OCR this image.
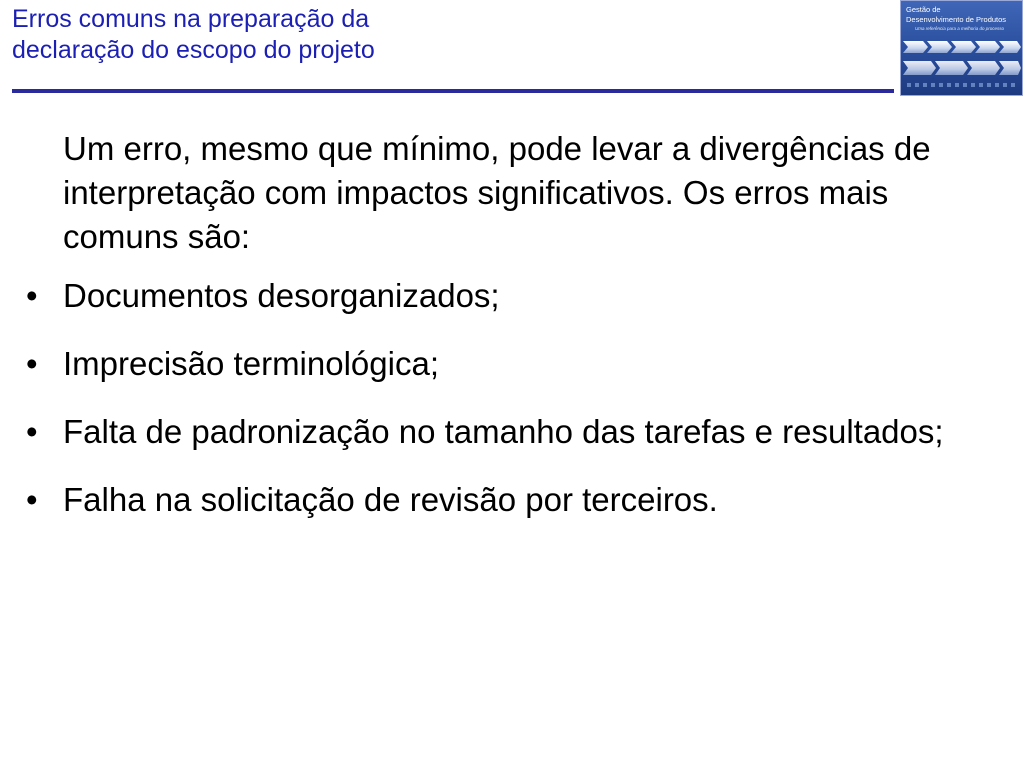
Erros comuns na preparação da
declaração do escopo do projeto
Gestão de
Desenvolvimento de Produtos
Uma referência para a melhoria do processo

Um erro, mesmo que mínimo, pode levar a divergências de interpretação com impactos significativos. Os erros mais comuns são:

• Documentos desorganizados;
• Imprecisão terminológica;
• Falta de padronização no tamanho das tarefas e resultados;
• Falha na solicitação de revisão por terceiros.
